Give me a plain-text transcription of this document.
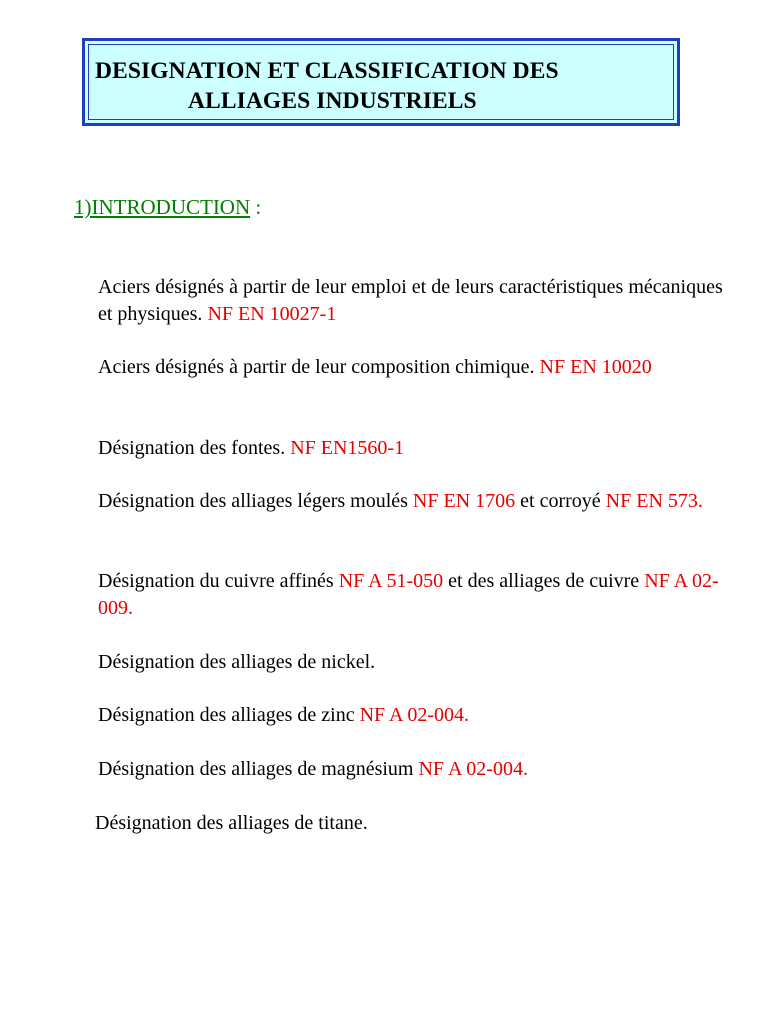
DESIGNATION ET CLASSIFICATION DES
ALLIAGES INDUSTRIELS
1)INTRODUCTION :
Aciers désignés à partir de leur emploi et de leurs caractéristiques mécaniques et physiques. NF EN 10027-1
Aciers désignés à partir de leur composition chimique. NF EN 10020
Désignation des fontes. NF EN1560-1
Désignation des alliages légers moulés NF EN 1706 et corroyé NF EN 573.
Désignation du cuivre affinés NF A 51-050 et des alliages de cuivre NF A 02-009.
Désignation des alliages de nickel.
Désignation des alliages de zinc NF A 02-004.
Désignation des alliages de magnésium NF A 02-004.
Désignation des alliages de titane.
